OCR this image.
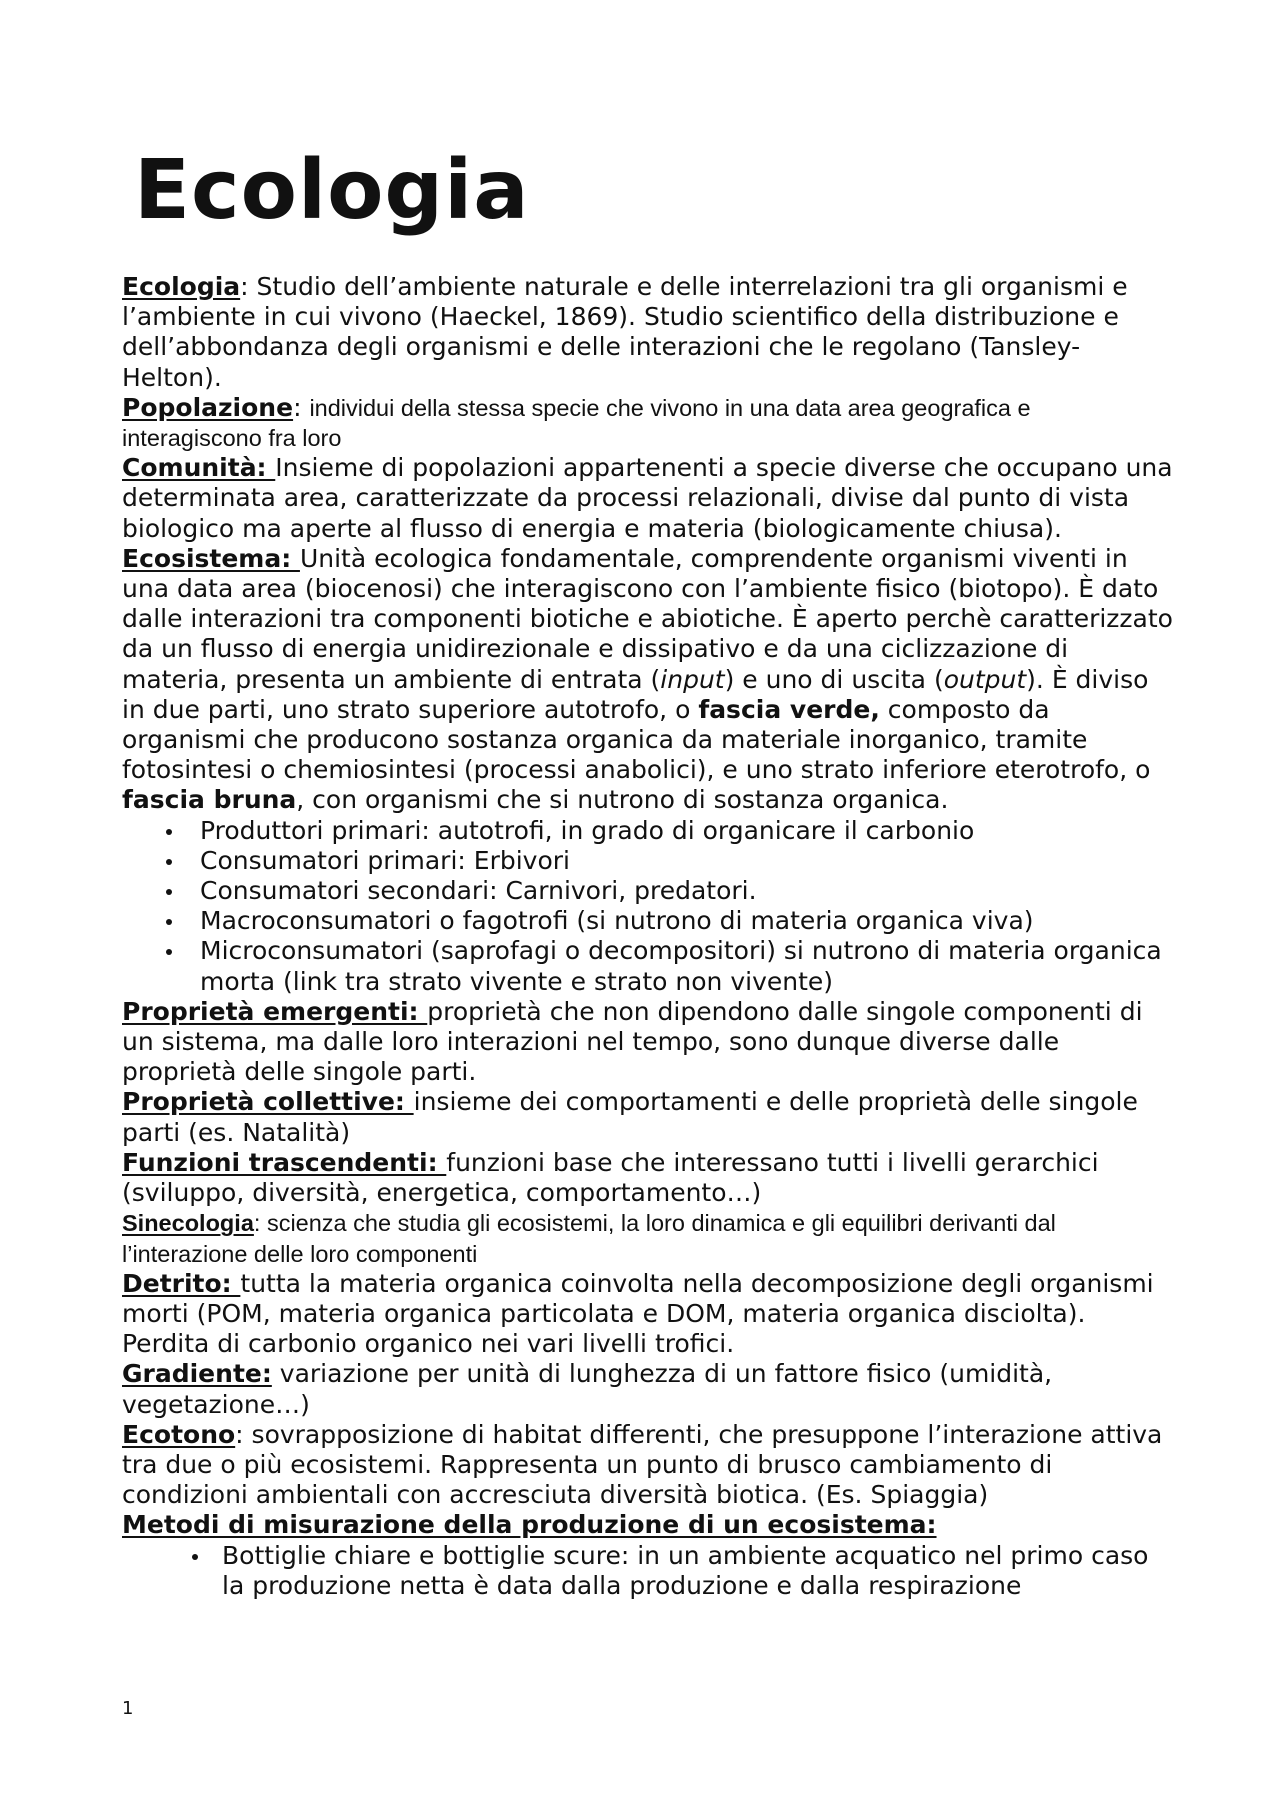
Ecologia

Ecologia: Studio dell’ambiente naturale e delle interrelazioni tra gli organismi e l’ambiente in cui vivono (Haeckel, 1869). Studio scientifico della distribuzione e dell’abbondanza degli organismi e delle interazioni che le regolano (Tansley-Helton).

Popolazione: individui della stessa specie che vivono in una data area geografica e interagiscono fra loro

Comunità: Insieme di popolazioni appartenenti a specie diverse che occupano una determinata area, caratterizzate da processi relazionali, divise dal punto di vista biologico ma aperte al flusso di energia e materia (biologicamente chiusa).

Ecosistema: Unità ecologica fondamentale, comprendente organismi viventi in una data area (biocenosi) che interagiscono con l’ambiente fisico (biotopo). È dato dalle interazioni tra componenti biotiche e abiotiche. È aperto perchè caratterizzato da un flusso di energia unidirezionale e dissipativo e da una ciclizzazione di materia, presenta un ambiente di entrata (input) e uno di uscita (output). È diviso in due parti, uno strato superiore autotrofo, o fascia verde, composto da organismi che producono sostanza organica da materiale inorganico, tramite fotosintesi o chemiosintesi (processi anabolici), e uno strato inferiore eterotrofo, o fascia bruna, con organismi che si nutrono di sostanza organica.

Produttori primari: autotrofi, in grado di organicare il carbonio
Consumatori primari: Erbivori
Consumatori secondari: Carnivori, predatori.
Macroconsumatori o fagotrofi (si nutrono di materia organica viva)
Microconsumatori (saprofagi o decompositori) si nutrono di materia organica morta (link tra strato vivente e strato non vivente)

Proprietà emergenti: proprietà che non dipendono dalle singole componenti di un sistema, ma dalle loro interazioni nel tempo, sono dunque diverse dalle proprietà delle singole parti.

Proprietà collettive: insieme dei comportamenti e delle proprietà delle singole parti (es. Natalità)

Funzioni trascendenti: funzioni base che interessano tutti i livelli gerarchici (sviluppo, diversità, energetica, comportamento…)

Sinecologia: scienza che studia gli ecosistemi, la loro dinamica e gli equilibri derivanti dal l’interazione delle loro componenti

Detrito: tutta la materia organica coinvolta nella decomposizione degli organismi morti (POM, materia organica particolata e DOM, materia organica disciolta). Perdita di carbonio organico nei vari livelli trofici.

Gradiente: variazione per unità di lunghezza di un fattore fisico (umidità, vegetazione…)

Ecotono: sovrapposizione di habitat differenti, che presuppone l’interazione attiva tra due o più ecosistemi. Rappresenta un punto di brusco cambiamento di condizioni ambientali con accresciuta diversità biotica. (Es. Spiaggia)

Metodi di misurazione della produzione di un ecosistema:

Bottiglie chiare e bottiglie scure: in un ambiente acquatico nel primo caso la produzione netta è data dalla produzione e dalla respirazione
1
